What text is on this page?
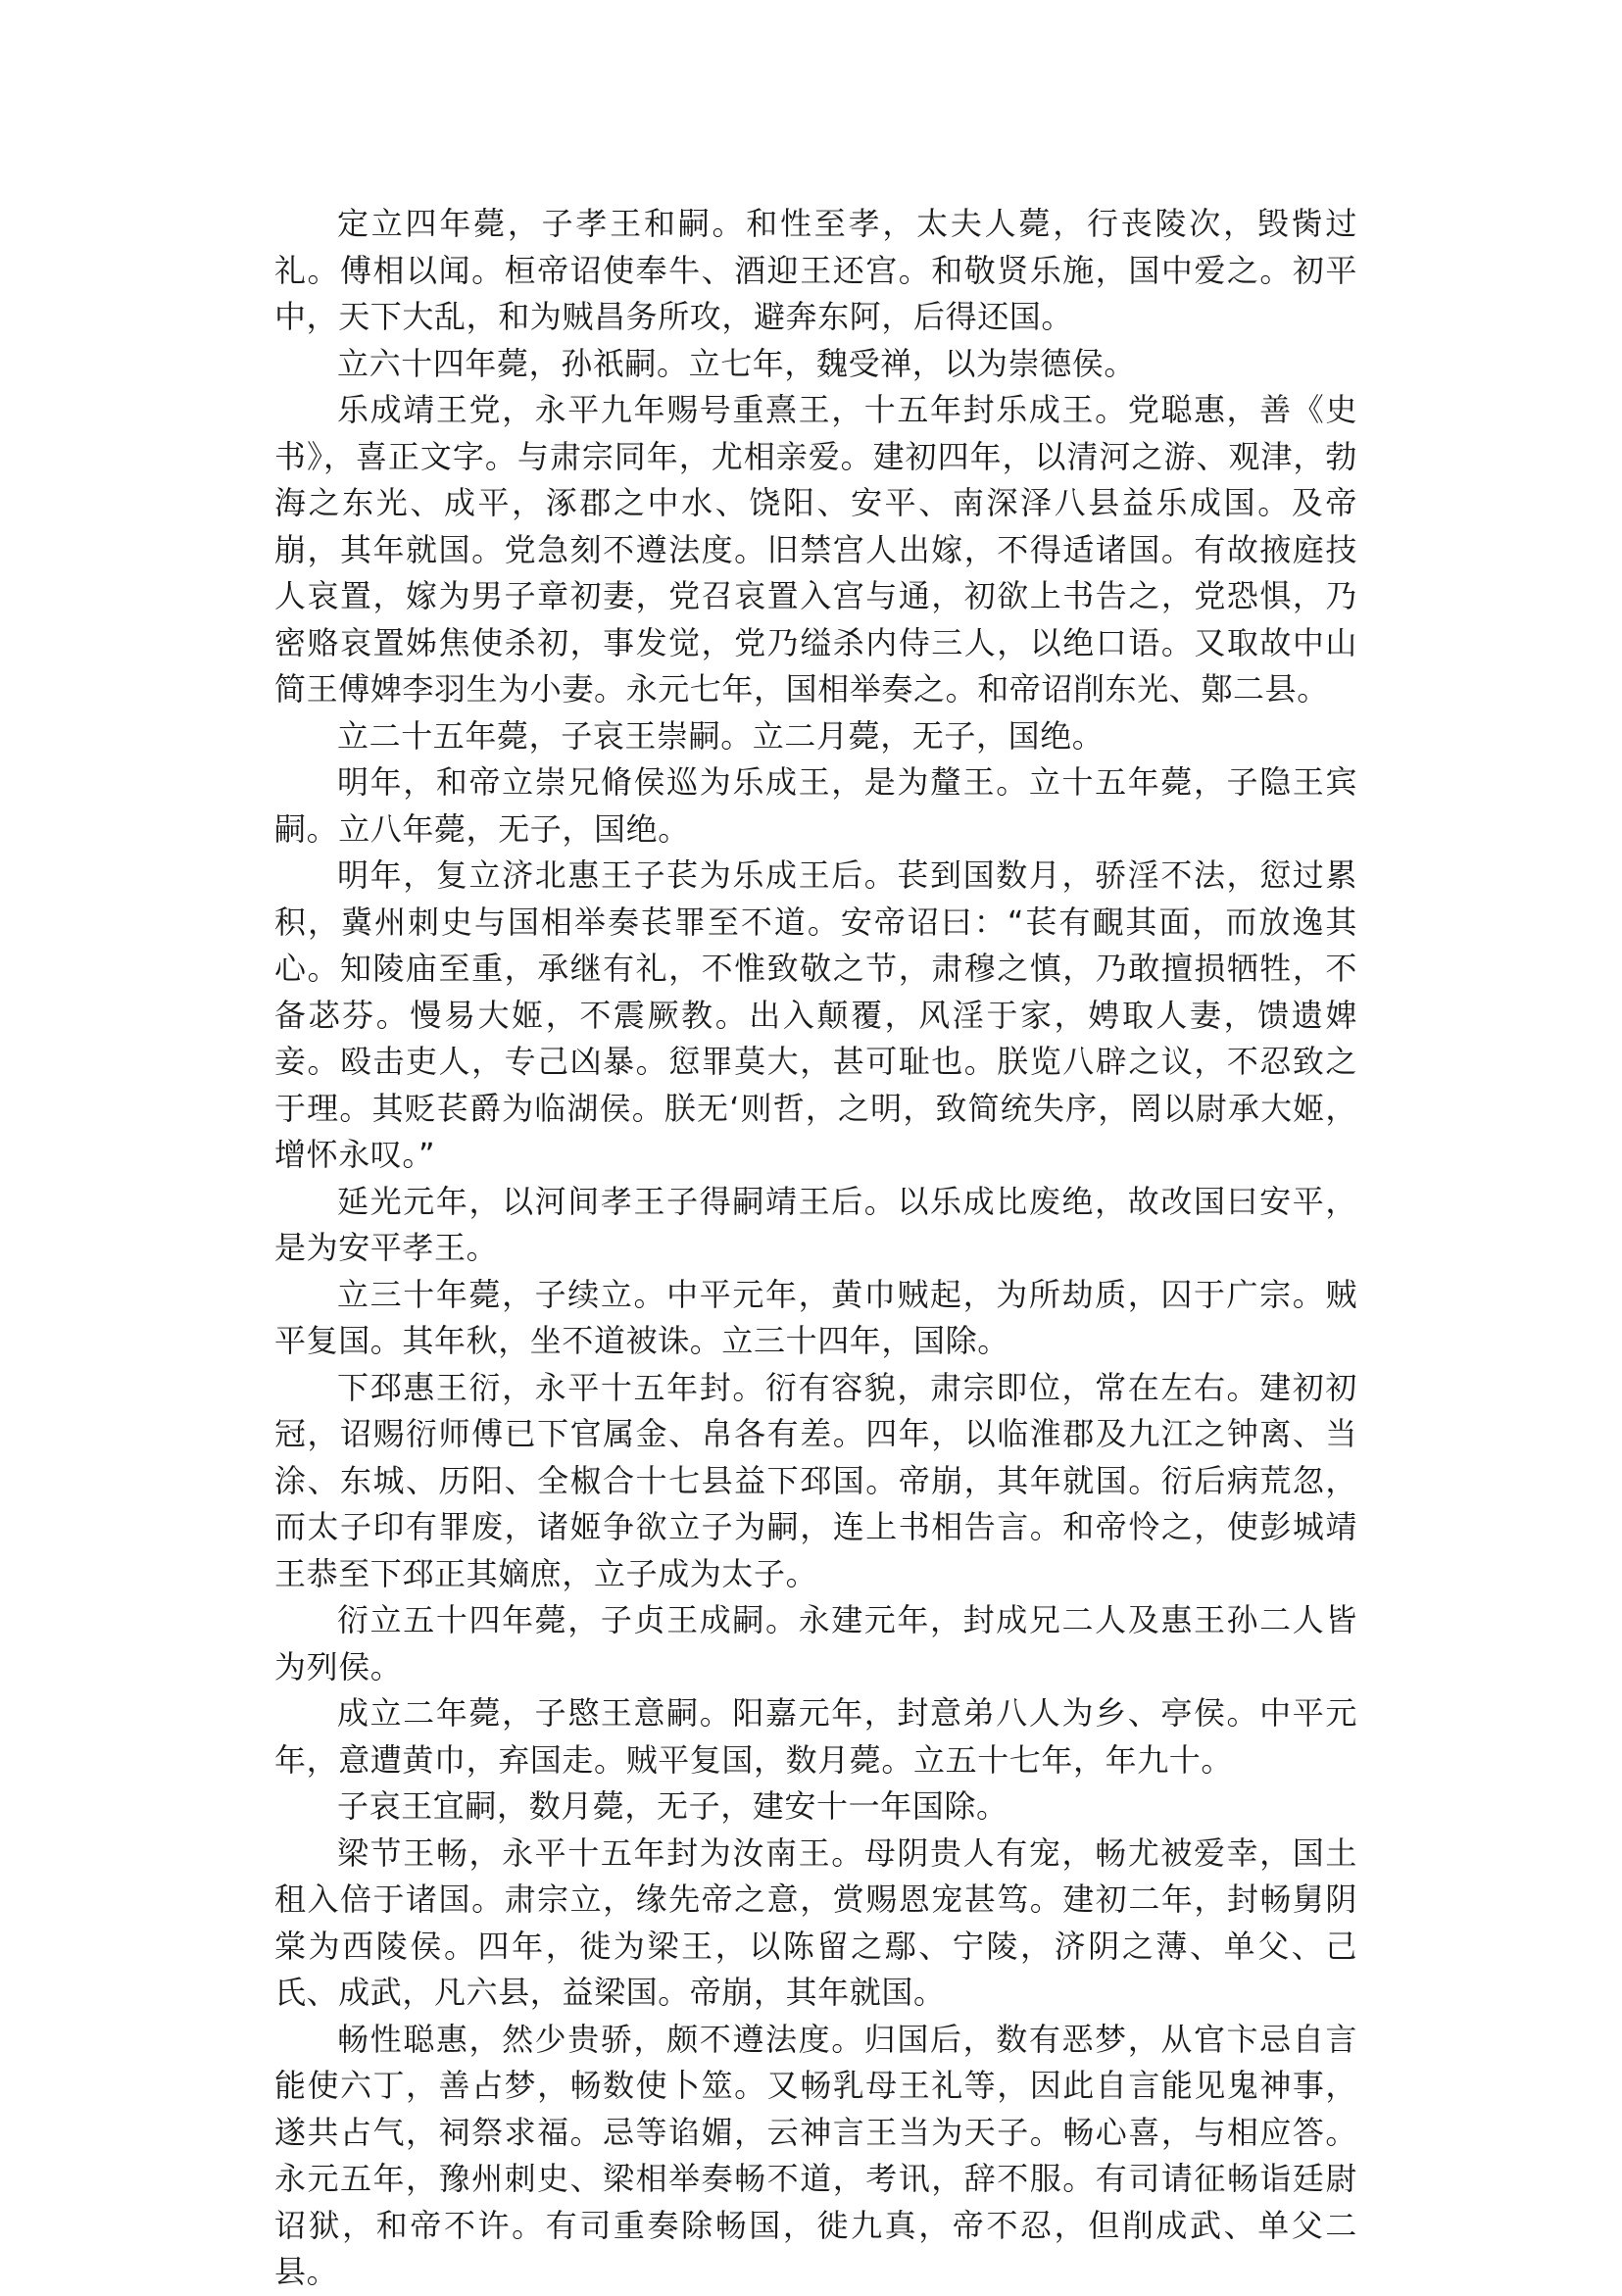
定立四年薨，子孝王和嗣。和性至孝，太夫人薨，行丧陵次，毁胔过礼。傅相以闻。桓帝诏使奉牛、酒迎王还宫。和敬贤乐施，国中爱之。初平中，天下大乱，和为贼昌务所攻，避奔东阿，后得还国。

立六十四年薨，孙祇嗣。立七年，魏受禅，以为崇德侯。

乐成靖王党，永平九年赐号重熹王，十五年封乐成王。党聪惠，善《史书》，喜正文字。与肃宗同年，尤相亲爱。建初四年，以清河之游、观津，勃海之东光、成平，涿郡之中水、饶阳、安平、南深泽八县益乐成国。及帝崩，其年就国。党急刻不遵法度。旧禁宫人出嫁，不得适诸国。有故掖庭技人哀置，嫁为男子章初妻，党召哀置入宫与通，初欲上书告之，党恐惧，乃密赂哀置姊焦使杀初，事发觉，党乃缢杀内侍三人，以绝口语。又取故中山简王傅婢李羽生为小妻。永元七年，国相举奏之。和帝诏削东光、鄚二县。

立二十五年薨，子哀王崇嗣。立二月薨，无子，国绝。

明年，和帝立崇兄脩侯巡为乐成王，是为釐王。立十五年薨，子隐王宾嗣。立八年薨，无子，国绝。

明年，复立济北惠王子苌为乐成王后。苌到国数月，骄淫不法，愆过累积，冀州刺史与国相举奏苌罪至不道。安帝诏曰：“苌有靦其面，而放逸其心。知陵庙至重，承继有礼，不惟致敬之节，肃穆之慎，乃敢擅损牺牲，不备苾芬。慢易大姬，不震厥教。出入颠覆，风淫于家，娉取人妻，馈遗婢妾。殴击吏人，专己凶暴。愆罪莫大，甚可耻也。朕览八辟之议，不忍致之于理。其贬苌爵为临湖侯。朕无‘则哲，之明，致简统失序，罔以尉承大姬，增怀永叹。”

延光元年，以河间孝王子得嗣靖王后。以乐成比废绝，故改国曰安平，是为安平孝王。

立三十年薨，子续立。中平元年，黄巾贼起，为所劫质，囚于广宗。贼平复国。其年秋，坐不道被诛。立三十四年，国除。

下邳惠王衍，永平十五年封。衍有容貌，肃宗即位，常在左右。建初初冠，诏赐衍师傅已下官属金、帛各有差。四年，以临淮郡及九江之钟离、当涂、东城、历阳、全椒合十七县益下邳国。帝崩，其年就国。衍后病荒忽，而太子印有罪废，诸姬争欲立子为嗣，连上书相告言。和帝怜之，使彭城靖王恭至下邳正其嫡庶，立子成为太子。

衍立五十四年薨，子贞王成嗣。永建元年，封成兄二人及惠王孙二人皆为列侯。

成立二年薨，子愍王意嗣。阳嘉元年，封意弟八人为乡、亭侯。中平元年，意遭黄巾，弃国走。贼平复国，数月薨。立五十七年，年九十。

子哀王宜嗣，数月薨，无子，建安十一年国除。

梁节王畅，永平十五年封为汝南王。母阴贵人有宠，畅尤被爱幸，国土租入倍于诸国。肃宗立，缘先帝之意，赏赐恩宠甚笃。建初二年，封畅舅阴棠为西陵侯。四年，徙为梁王，以陈留之鄢、宁陵，济阴之薄、单父、己氏、成武，凡六县，益梁国。帝崩，其年就国。

畅性聪惠，然少贵骄，颇不遵法度。归国后，数有恶梦，从官卞忌自言能使六丁，善占梦，畅数使卜筮。又畅乳母王礼等，因此自言能见鬼神事，遂共占气，祠祭求福。忌等谄媚，云神言王当为天子。畅心喜，与相应答。永元五年，豫州刺史、梁相举奏畅不道，考讯，辞不服。有司请征畅诣廷尉诏狱，和帝不许。有司重奏除畅国，徙九真，帝不忍，但削成武、单父二县。
